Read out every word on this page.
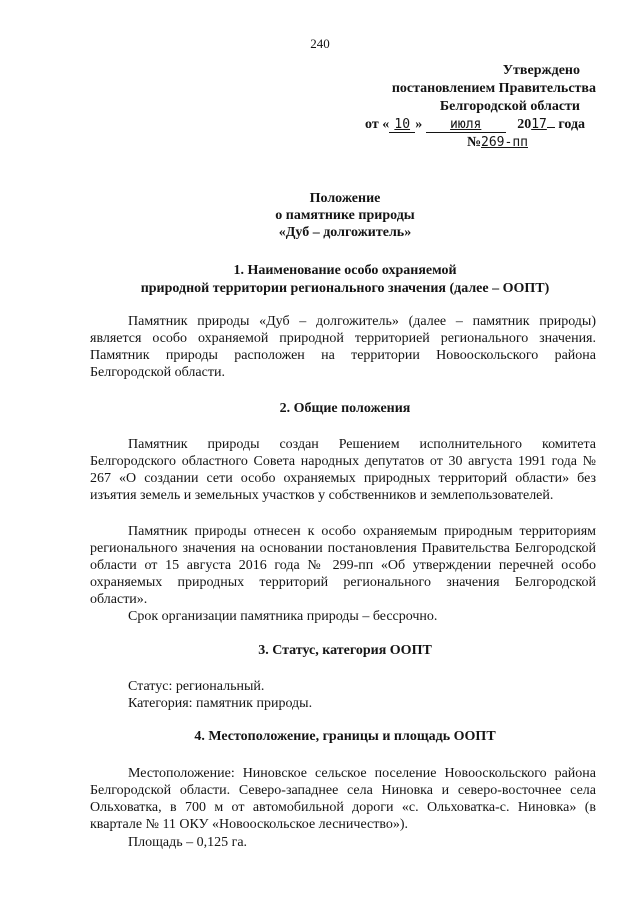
240
Утверждено
постановлением Правительства
Белгородской области
от « 10 » июля	2017 года
№269-пп
Положение
о памятнике природы
«Дуб – долгожитель»
1. Наименование особо охраняемой
природной территории регионального значения (далее – ООПТ)
Памятник природы «Дуб – долгожитель» (далее – памятник природы) является особо охраняемой природной территорией регионального значения. Памятник природы расположен на территории Новооскольского района Белгородской области.
2. Общие положения
Памятник природы создан Решением исполнительного комитета Белгородского областного Совета народных депутатов от 30 августа 1991 года № 267 «О создании сети особо охраняемых природных территорий области» без изъятия земель и земельных участков у собственников и землепользователей.
Памятник природы отнесен к особо охраняемым природным территориям регионального значения на основании постановления Правительства Белгородской области от 15 августа 2016 года № 299-пп «Об утверждении перечней особо охраняемых природных территорий регионального значения Белгородской области».
Срок организации памятника природы – бессрочно.
3. Статус, категория ООПТ
Статус: региональный.
Категория: памятник природы.
4. Местоположение, границы и площадь ООПТ
Местоположение: Ниновское сельское поселение Новооскольского района Белгородской области. Северо-западнее села Ниновка и северо-восточнее села Ольховатка, в 700 м от автомобильной дороги «с. Ольховатка-с. Ниновка» (в квартале № 11 ОКУ «Новооскольское лесничество»).
Площадь – 0,125 га.
